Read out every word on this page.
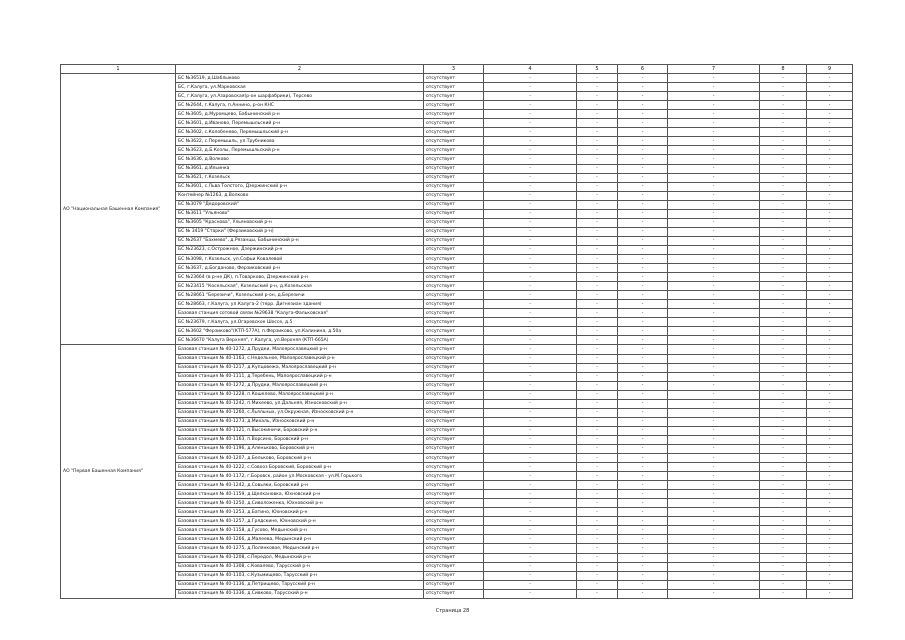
1	2	3	4	5	6	7	8	9
АО "Национальная Башенная Компания"	БС №36519, д.Шаблыково	отсутствует	-	-	-	-	-	-
	БС, г.Калуга, ул.Марковская	отсутствует	-	-	-	-	-	-
	БС, г.Калуга, ул.Азаровская(р-он шарфабрики), Терсево	отсутствует	-	-	-	-	-	-
	БС №2644, г.Калуга, п.Аннино, р-он КНС	отсутствует	-	-	-	-	-	-
	БС №3605, д.Муромцево, Бабынинский р-н	отсутствует	-	-	-	-	-	-
	БС №3601, д.Иваново, Перемышльский р-н	отсутствует	-	-	-	-	-	-
	БС №3602, с.Колобенево, Перемышльский р-н	отсутствует	-	-	-	-	-	-
	БС №3622, с.Перемышль, ул.Трубникова	отсутствует	-	-	-	-	-	-
	БС №3623, д.Б.Козлы, Перемышльский р-н	отсутствует	-	-	-	-	-	-
	БС №3636, д.Волково	отсутствует	-	-	-	-	-	-
	БС №3661, д.Ильинка	отсутствует	-	-	-	-	-	-
	БС №3621, г.Козельск	отсутствует	-	-	-	-	-	-
	БС №3601, с.Льва Толстого, Дзержинский р-н	отсутствует	-	-	-	-	-	-
	Контейнер №1263, д.Волково	отсутствует	-	-	-	-	-	-
	БС №3079 "Дедоровский"	отсутствует	-	-	-	-	-	-
	БС №3611 "Ульяново"	отсутствует	-	-	-	-	-	-
	БС №3605 "Краснова", Ульяновский р-н	отсутствует	-	-	-	-	-	-
	БС № 3419 "Старки" (Ферзиковский р-н)	отсутствует	-	-	-	-	-	-
	БС №2637 "Бахмево", д.Рязанцы, Бабынинский р-н	отсутствует	-	-	-	-	-	-
	БС №23623, с.Острожное, Дзержинский р-н	отсутствует	-	-	-	-	-	-
	БС №3098, г.Козельск, ул.Софьи Ковалевой	отсутствует	-	-	-	-	-	-
	БС №3637, д.Богданово, Ферзиковский р-н	отсутствует	-	-	-	-	-	-
	БС №23664 (в р-не ДК), п.Товарково, Дзержинский р-н	отсутствует	-	-	-	-	-	-
	БС №23415 "Косельская", Козельский р-н, д.Козельская	отсутствует	-	-	-	-	-	-
	БС №28661 "Березичи", Козельский р-он, д.Березичи	отсутствует	-	-	-	-	-	-
	БС №28663, г.Калуга, ул.Калуга-2 (терр. Дигнезиан здания)	отсутствует	-	-	-	-	-	-
	Базовая станция сотовой связи №29638 "Калуга-Фальковская"	отсутствует	-	-	-	-	-	-
	БС №23679, г.Калуга, ул.Огаревское Шоссе, д.5	отсутствует	-	-	-	-	-	-
	БС №3602 "Ферзиково"(КТП-577А), п.Ферзиково, ул.Калинина, д.50а	отсутствует	-	-	-	-	-	-
	БС №36670 "Калуга Верхняя", г.Калуга, ул.Верхняя (КТП-665А)	отсутствует	-	-	-	-	-	-
АО "Первая Башенная Компания"	Базовая станция № 40-1272, д.Прудки, Малоярославецкий р-н	отсутствует	-	-	-	-	-	-
	Базовая станция № 40-1163, с.Недельное, Малоярославецкий р-н	отсутствует	-	-	-	-	-	-
	Базовая станция № 40-1217, д.Купцовежа, Малоярославецкий р-н	отсутствует	-	-	-	-	-	-
	Базовая станция № 40-1111, д.Теребень, Малоярославецкий р-н	отсутствует	-	-	-	-	-	-
	Базовая станция № 40-1272, д.Прудки, Малоярославецкий р-н	отсутствует	-	-	-	-	-	-
	Базовая станция № 40-1228, п.Кошелево, Малоярославецкий р-н	отсутствует	-	-	-	-	-	-
	Базовая станция № 40-1242, п.Михеево, ул.Дальняя, Износковский р-н	отсутствует	-	-	-	-	-	-
	Базовая станция № 40-1260, с.Льяльных, ул.Окружная, Износковский р-н	отсутствует	-	-	-	-	-	-
	Базовая станция № 40-1273, д.Михаль, Износковский р-н	отсутствует	-	-	-	-	-	-
	Базовая станция № 40-1121, п.Высокиничи, Боровский р-н	отсутствует	-	-	-	-	-	-
	Базовая станция № 40-1163, п.Ворсино, Боровский р-н	отсутствует	-	-	-	-	-	-
	Базовая станция № 40-1196, д.Аленьково, Боровский р-н	отсутствует	-	-	-	-	-	-
	Базовая станция № 40-1207, д.Бельково, Боровский р-н	отсутствует	-	-	-	-	-	-
	Базовая станция № 40-1222, с.Совхоз Боровский, Боровский р-н	отсутствует	-	-	-	-	-	-
	Базовая станция № 40-1172, г.Боровск, район ул.Московская - ул.М.Горького	отсутствует	-	-	-	-	-	-
	Базовая станция № 40-1242, д.Совьяки, Боровский р-н	отсутствует	-	-	-	-	-	-
	Базовая станция № 40-1159, д.Щелкановка, Юхновский р-н	отсутствует	-	-	-	-	-	-
	Базовая станция № 40-1250, д.Сиволоженка, Юхновский р-н	отсутствует	-	-	-	-	-	-
	Базовая станция № 40-1253, д.Батино, Юхновский р-н	отсутствует	-	-	-	-	-	-
	Базовая станция № 40-1257, д.Грядскине, Юхновский р-н	отсутствует	-	-	-	-	-	-
	Базовая станция № 40-1158, д.Гусово, Медынский р-н	отсутствует	-	-	-	-	-	-
	Базовая станция № 40-1266, д.Малеева, Медынский р-н	отсутствует	-	-	-	-	-	-
	Базовая станция № 40-1275, д.Полянковое, Медынский р-н	отсутствует	-	-	-	-	-	-
	Базовая станция № 40-1208, с.Передол, Медынский р-н	отсутствует	-	-	-	-	-	-
	Базовая станция № 40-1308, с.Ковалево, Тарусский р-н	отсутствует	-	-	-	-	-	-
	Базовая станция № 40-1103, с.Кузьмищево, Тарусский р-н	отсутствует	-	-	-	-	-	-
	Базовая станция № 40-1136, д.Петрищево, Тарусский р-н	отсутствует	-	-	-	-	-	-
	Базовая станция № 40-1336, д.Сивково, Тарусский р-н	отсутствует	-	-	-	-	-	-
Страница 28
